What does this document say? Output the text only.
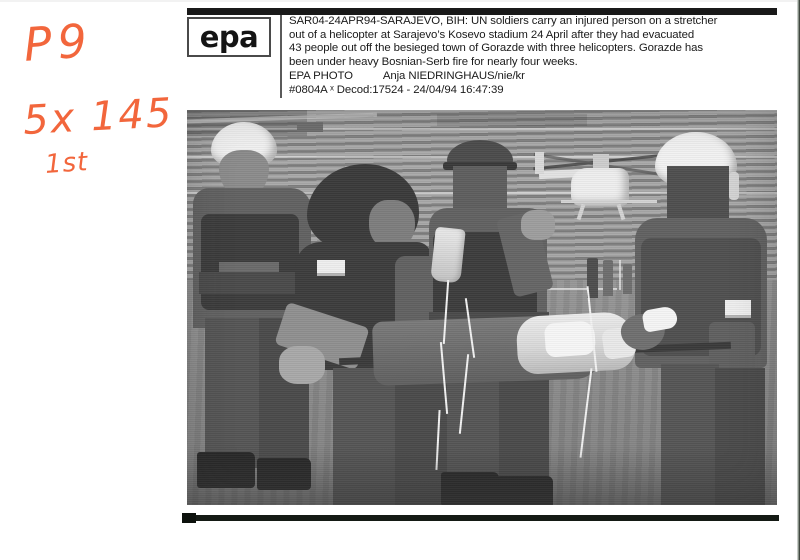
P9
5x 145
1st
epa	SAR04-24APR94-SARAJEVO, BIH: UN soldiers carry an injured person on a stretcher
out of a helicopter at Sarajevo’s Kosevo stadium 24 April after they had evacuated
43 people out off the besieged town of Gorazde with three helicopters. Gorazde has
been under heavy Bosnian-Serb fire for nearly four weeks.
EPA PHOTO	Anja NIEDRINGHAUS/nie/kr
#0804A ˣ Decod:17524 - 24/04/94 16:47:39
